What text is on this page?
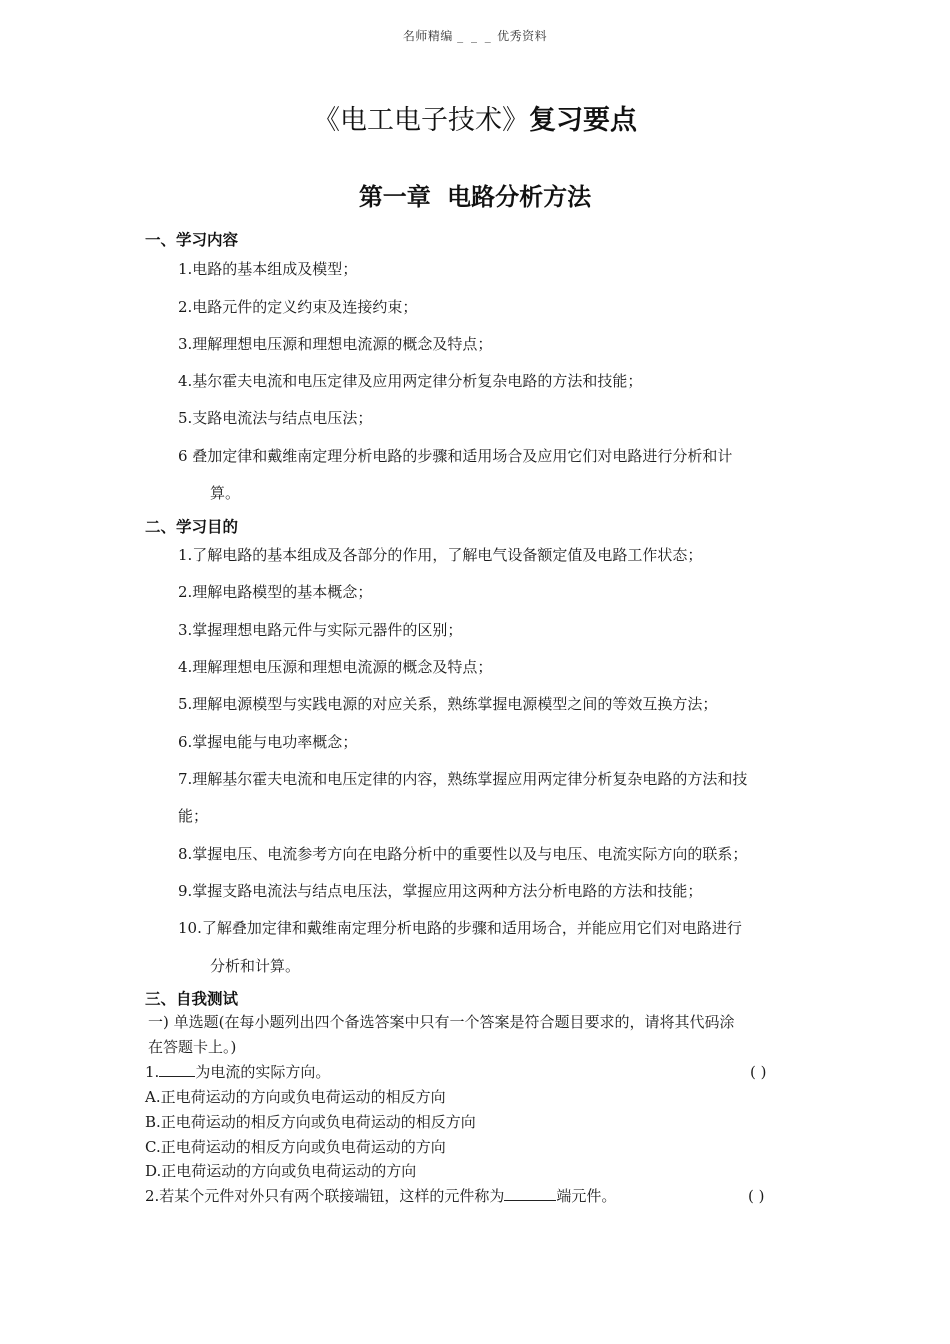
名师精编 _ _ _ 优秀资料
《电工电子技术》复习要点
第一章 电路分析方法
一、学习内容
1.电路的基本组成及模型；
2.电路元件的定义约束及连接约束；
3.理解理想电压源和理想电流源的概念及特点；
4.基尔霍夫电流和电压定律及应用两定律分析复杂电路的方法和技能；
5.支路电流法与结点电压法；
6 叠加定律和戴维南定理分析电路的步骤和适用场合及应用它们对电路进行分析和计
算。
二、学习目的
1.了解电路的基本组成及各部分的作用，了解电气设备额定值及电路工作状态；
2.理解电路模型的基本概念；
3.掌握理想电路元件与实际元器件的区别；
4.理解理想电压源和理想电流源的概念及特点；
5.理解电源模型与实践电源的对应关系，熟练掌握电源模型之间的等效互换方法；
6.掌握电能与电功率概念；
7.理解基尔霍夫电流和电压定律的内容，熟练掌握应用两定律分析复杂电路的方法和技
能；
8.掌握电压、电流参考方向在电路分析中的重要性以及与电压、电流实际方向的联系；
9.掌握支路电流法与结点电压法，掌握应用这两种方法分析电路的方法和技能；
10.了解叠加定律和戴维南定理分析电路的步骤和适用场合，并能应用它们对电路进行
分析和计算。
三、自我测试
一) 单选题(在每小题列出四个备选答案中只有一个答案是符合题目要求的，请将其代码涂
在答题卡上。)
1. 为电流的实际方向。	( )
A.正电荷运动的方向或负电荷运动的相反方向
B.正电荷运动的相反方向或负电荷运动的相反方向
C.正电荷运动的相反方向或负电荷运动的方向
D.正电荷运动的方向或负电荷运动的方向
2.若某个元件对外只有两个联接端钮，这样的元件称为	端元件。	( )
